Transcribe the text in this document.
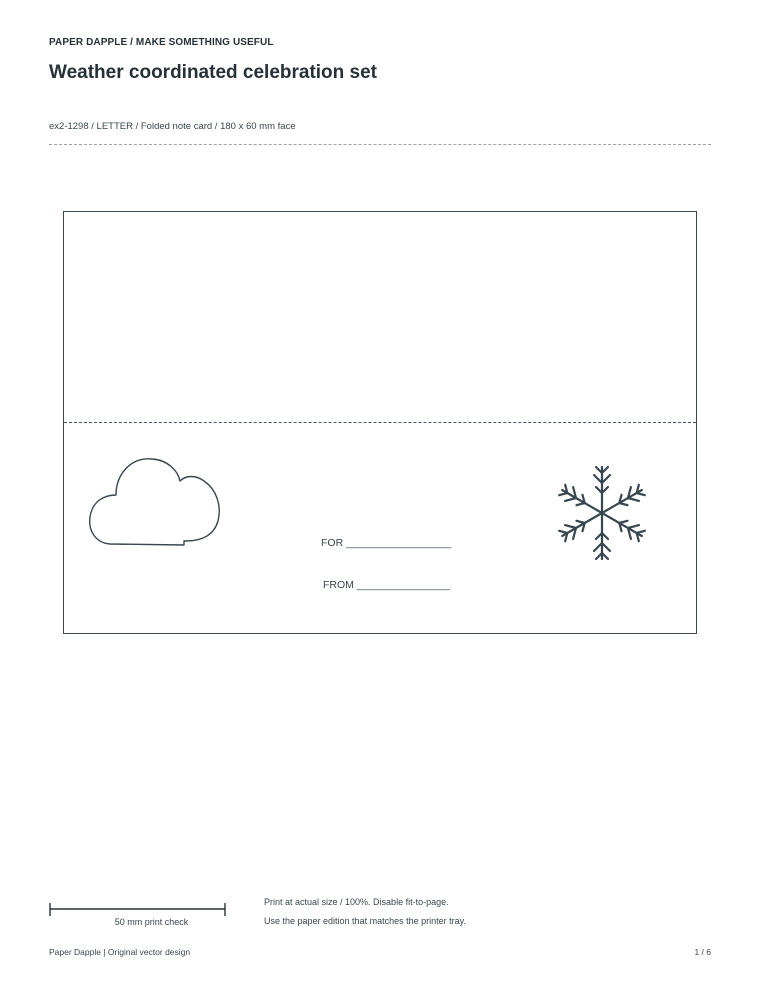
PAPER DAPPLE / MAKE SOMETHING USEFUL
Weather coordinated celebration set
ex2-1298 / LETTER / Folded note card / 180 x 60 mm face
FOR __________________
FROM ________________
50 mm print check
Print at actual size / 100%. Disable fit-to-page.
Use the paper edition that matches the printer tray.
Paper Dapple | Original vector design	1 / 6
